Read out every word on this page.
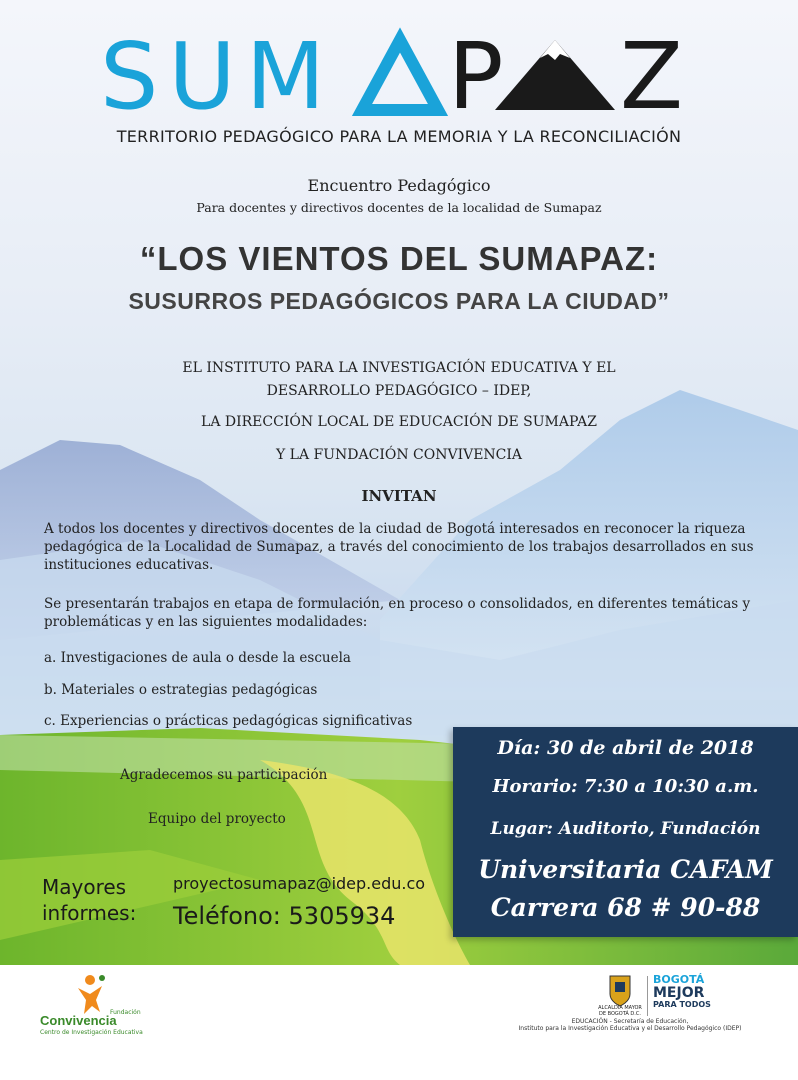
SUM P Z
TERRITORIO PEDAGÓGICO PARA LA MEMORIA Y LA RECONCILIACIÓN
Encuentro Pedagógico
Para docentes y directivos docentes de la localidad de Sumapaz
“LOS VIENTOS DEL SUMAPAZ:
SUSURROS PEDAGÓGICOS PARA LA CIUDAD”
EL INSTITUTO PARA LA INVESTIGACIÓN EDUCATIVA Y EL
DESARROLLO PEDAGÓGICO – IDEP,
LA DIRECCIÓN LOCAL DE EDUCACIÓN DE SUMAPAZ
Y LA FUNDACIÓN CONVIVENCIA
INVITAN
A todos los docentes y directivos docentes de la ciudad de Bogotá interesados en reconocer la riqueza pedagógica de la Localidad de Sumapaz, a través del conocimiento de los trabajos desarrollados en sus instituciones educativas.
Se presentarán trabajos en etapa de formulación, en proceso o consolidados, en diferentes temáticas y problemáticas y en las siguientes modalidades:
a. Investigaciones de aula o desde la escuela
b. Materiales o estrategias pedagógicas
c. Experiencias o prácticas pedagógicas significativas
Agradecemos su participación
Equipo del proyecto
Mayores
informes:
proyectosumapaz@idep.edu.co
Teléfono: 5305934
Día: 30 de abril de 2018
Horario: 7:30 a 10:30 a.m.
Lugar: Auditorio, Fundación
Universitaria CAFAM
Carrera 68 # 90-88
Fundación
Convivencia
Centro de Investigación Educativa
ALCALDÍA MAYOR
DE BOGOTÁ D.C.
BOGOTÁ
MEJOR
PARA TODOS
EDUCACIÓN - Secretaría de Educación,
Instituto para la Investigación Educativa y el Desarrollo Pedagógico (IDEP)
